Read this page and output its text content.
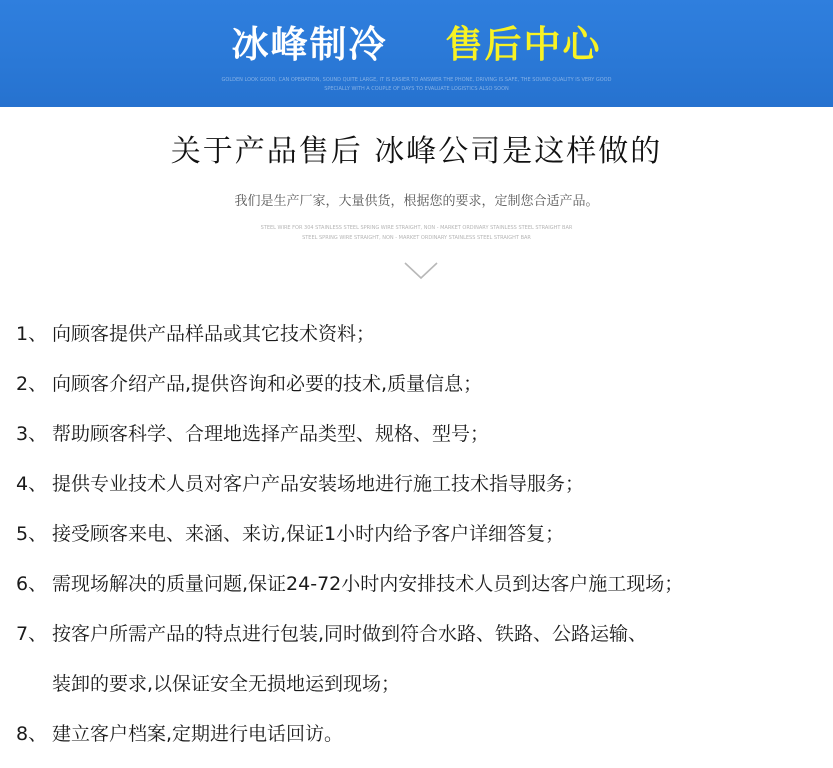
冰峰制冷 售后中心
GOLDEN LOOK GOOD, CAN OPERATION, SOUND QUITE LARGE, IT IS EASIER TO ANSWER THE PHONE, DRIVING IS SAFE, THE SOUND QUALITY IS VERY GOOD
SPECIALLY WITH A COUPLE OF DAYS TO EVALUATE LOGISTICS ALSO SOON
关于产品售后 冰峰公司是这样做的
我们是生产厂家，大量供货，根据您的要求，定制您合适产品。
STEEL WIRE FOR 304 STAINLESS STEEL SPRING WIRE STRAIGHT, NON - MARKET ORDINARY STAINLESS STEEL STRAIGHT BAR
STEEL SPRING WIRE STRAIGHT, NON - MARKET ORDINARY STAINLESS STEEL STRAIGHT BAR
1、 向顾客提供产品样品或其它技术资料；
2、 向顾客介绍产品,提供咨询和必要的技术,质量信息；
3、 帮助顾客科学、合理地选择产品类型、规格、型号；
4、 提供专业技术人员对客户产品安装场地进行施工技术指导服务；
5、 接受顾客来电、来涵、来访,保证1小时内给予客户详细答复；
6、 需现场解决的质量问题,保证24-72小时内安排技术人员到达客户施工现场；
7、 按客户所需产品的特点进行包装,同时做到符合水路、铁路、公路运输、
装卸的要求,以保证安全无损地运到现场；
8、 建立客户档案,定期进行电话回访。
